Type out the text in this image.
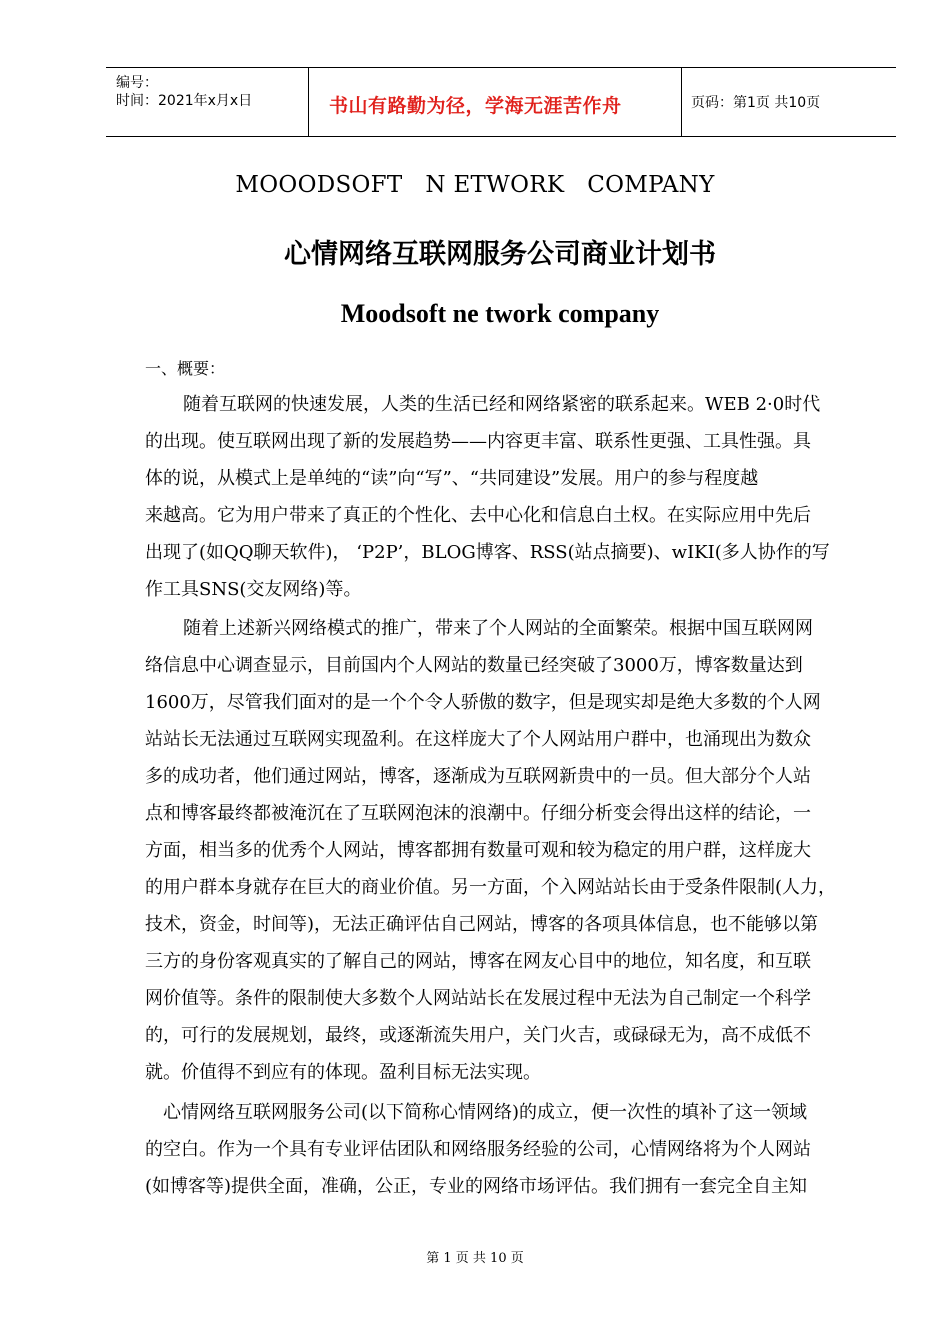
编号：
时间：2021年x月x日	书山有路勤为径，学海无涯苦作舟	页码：第1页 共10页
MOOODSOFT   N ETWORK   COMPANY
心情网络互联网服务公司商业计划书
Moodsoft ne twork company
一、概要：
随着互联网的快速发展，人类的生活已经和网络紧密的联系起来。WEB 2·0时代
的出现。使互联网出现了新的发展趋势——内容更丰富、联系性更强、工具性强。具
体的说，从模式上是单纯的“读”向“写”、“共同建设”发展。用户的参与程度越
来越高。它为用户带来了真正的个性化、去中心化和信息白土权。在实际应用中先后
出现了(如QQ聊天软件)， ‘P2P’，BLOG博客、RSS(站点摘要)、wIKI(多人协作的写
作工具SNS(交友网络)等。
随着上述新兴网络模式的推广，带来了个人网站的全面繁荣。根据中国互联网网
络信息中心调查显示，目前国内个人网站的数量已经突破了3000万，博客数量达到
1600万，尽管我们面对的是一个个令人骄傲的数字，但是现实却是绝大多数的个人网
站站长无法通过互联网实现盈利。在这样庞大了个人网站用户群中，也涌现出为数众
多的成功者，他们通过网站，博客，逐渐成为互联网新贵中的一员。但大部分个人站
点和博客最终都被淹沉在了互联网泡沫的浪潮中。仔细分析变会得出这样的结论，一
方面，相当多的优秀个人网站，博客都拥有数量可观和较为稳定的用户群，这样庞大
的用户群本身就存在巨大的商业价值。另一方面，个入网站站长由于受条件限制(人力，
技术，资金，时间等)，无法正确评估自己网站，博客的各项具体信息，也不能够以第
三方的身份客观真实的了解自己的网站，博客在网友心目中的地位，知名度，和互联
网价值等。条件的限制使大多数个人网站站长在发展过程中无法为自己制定一个科学
的，可行的发展规划，最终，或逐渐流失用户，关门火吉，或碌碌无为，高不成低不
就。价值得不到应有的体现。盈利目标无法实现。
心情网络互联网服务公司(以下简称心情网络)的成立，便一次性的填补了这一领域
的空白。作为一个具有专业评估团队和网络服务经验的公司，心情网络将为个人网站
(如博客等)提供全面，准确，公正，专业的网络市场评估。我们拥有一套完全自主知
第 1 页 共 10 页
